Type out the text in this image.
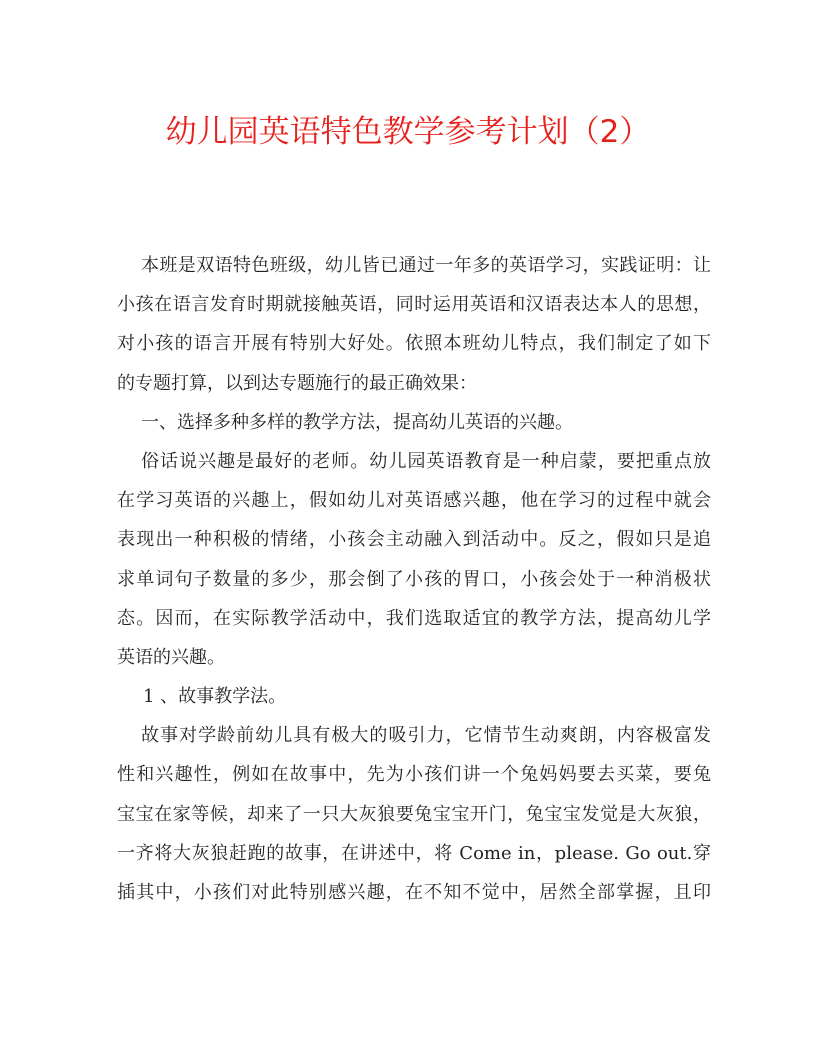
幼儿园英语特色教学参考计划（2）
本班是双语特色班级，幼儿皆已通过一年多的英语学习，实践证明：让
小孩在语言发育时期就接触英语，同时运用英语和汉语表达本人的思想，
对小孩的语言开展有特别大好处。依照本班幼儿特点，我们制定了如下
的专题打算，以到达专题施行的最正确效果：
一、选择多种多样的教学方法，提高幼儿英语的兴趣。
俗话说兴趣是最好的老师。幼儿园英语教育是一种启蒙，要把重点放
在学习英语的兴趣上，假如幼儿对英语感兴趣，他在学习的过程中就会
表现出一种积极的情绪，小孩会主动融入到活动中。反之，假如只是追
求单词句子数量的多少，那会倒了小孩的胃口，小孩会处于一种消极状
态。因而，在实际教学活动中，我们选取适宜的教学方法，提高幼儿学
英语的兴趣。
1 、故事教学法。
故事对学龄前幼儿具有极大的吸引力，它情节生动爽朗，内容极富发
性和兴趣性，例如在故事中，先为小孩们讲一个兔妈妈要去买菜，要兔
宝宝在家等候，却来了一只大灰狼要兔宝宝开门，兔宝宝发觉是大灰狼，
一齐将大灰狼赶跑的故事，在讲述中，将 Come in，please. Go out.穿
插其中，小孩们对此特别感兴趣，在不知不觉中，居然全部掌握，且印
